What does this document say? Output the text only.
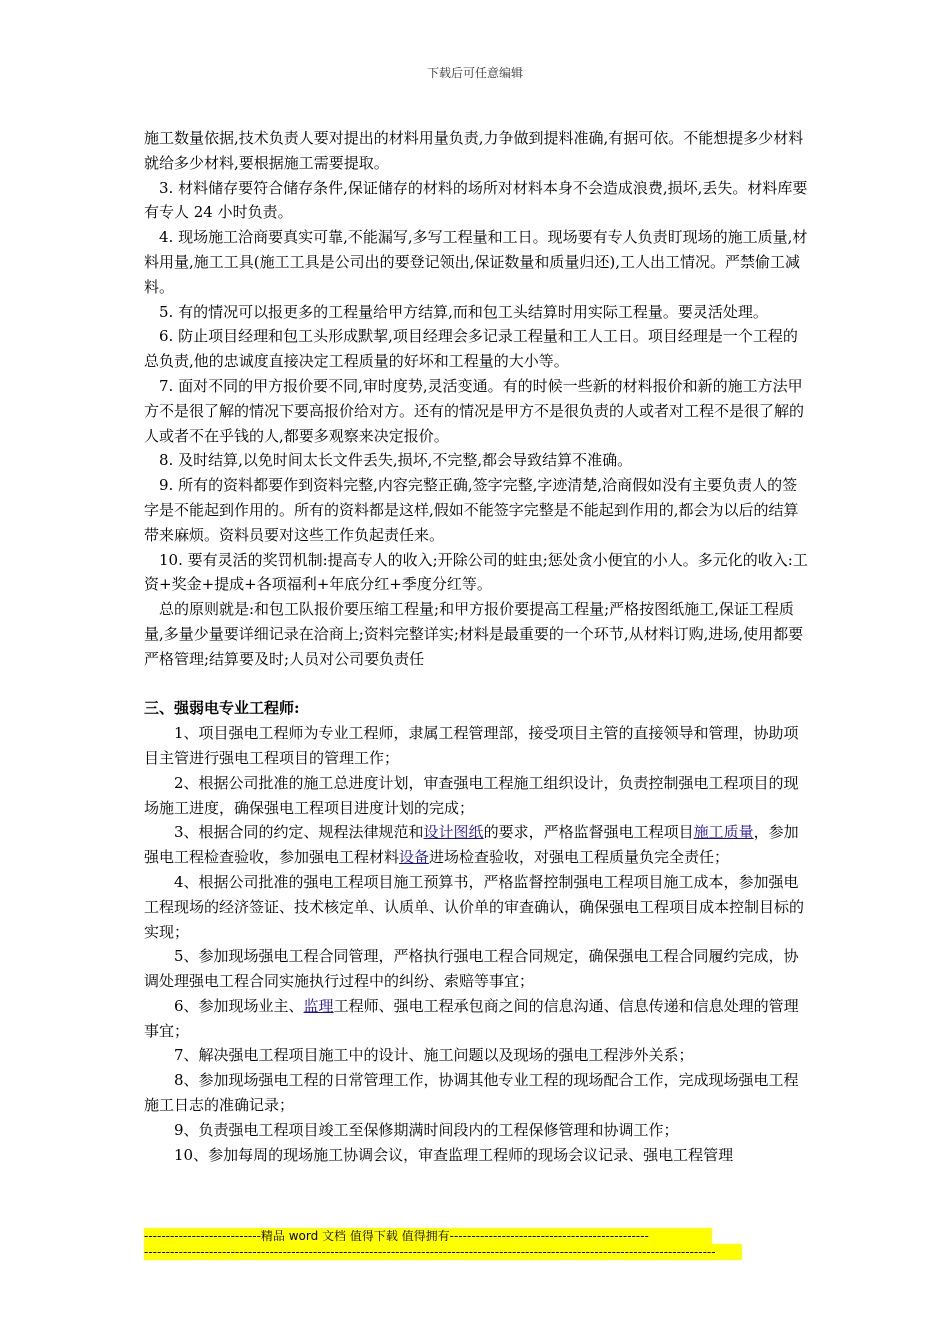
下载后可任意编辑

施工数量依据,技术负责人要对提出的材料用量负责,力争做到提料准确,有据可依。不能想提多少材料就给多少材料,要根据施工需要提取。

3. 材料储存要符合储存条件,保证储存的材料的场所对材料本身不会造成浪费,损坏,丢失。材料库要有专人 24 小时负责。

4. 现场施工洽商要真实可靠,不能漏写,多写工程量和工日。现场要有专人负责盯现场的施工质量,材料用量,施工工具(施工工具是公司出的要登记领出,保证数量和质量归还),工人出工情况。严禁偷工减料。

5. 有的情况可以报更多的工程量给甲方结算,而和包工头结算时用实际工程量。要灵活处理。

6. 防止项目经理和包工头形成默挈,项目经理会多记录工程量和工人工日。项目经理是一个工程的总负责,他的忠诚度直接决定工程质量的好坏和工程量的大小等。

7. 面对不同的甲方报价要不同,审时度势,灵活变通。有的时候一些新的材料报价和新的施工方法甲方不是很了解的情况下要高报价给对方。还有的情况是甲方不是很负责的人或者对工程不是很了解的人或者不在乎钱的人,都要多观察来决定报价。

8. 及时结算,以免时间太长文件丢失,损坏,不完整,都会导致结算不准确。

9. 所有的资料都要作到资料完整,内容完整正确,签字完整,字迹清楚,洽商假如没有主要负责人的签字是不能起到作用的。所有的资料都是这样,假如不能签字完整是不能起到作用的,都会为以后的结算带来麻烦。资料员要对这些工作负起责任来。

10. 要有灵活的奖罚机制:提高专人的收入;开除公司的蛀虫;惩处贪小便宜的小人。多元化的收入:工资+奖金+提成+各项福利+年底分红+季度分红等。

总的原则就是:和包工队报价要压缩工程量;和甲方报价要提高工程量;严格按图纸施工,保证工程质量,多量少量要详细记录在洽商上;资料完整详实;材料是最重要的一个环节,从材料订购,进场,使用都要严格管理;结算要及时;人员对公司要负责任

三、强弱电专业工程师:

1、项目强电工程师为专业工程师，隶属工程管理部，接受项目主管的直接领导和管理，协助项目主管进行强电工程项目的管理工作；

2、根据公司批准的施工总进度计划，审查强电工程施工组织设计，负责控制强电工程项目的现场施工进度，确保强电工程项目进度计划的完成；

3、根据合同的约定、规程法律规范和设计图纸的要求，严格监督强电工程项目施工质量，参加强电工程检查验收，参加强电工程材料设备进场检查验收，对强电工程质量负完全责任；

4、根据公司批准的强电工程项目施工预算书，严格监督控制强电工程项目施工成本，参加强电工程现场的经济签证、技术核定单、认质单、认价单的审查确认，确保强电工程项目成本控制目标的实现；

5、参加现场强电工程合同管理，严格执行强电工程合同规定，确保强电工程合同履约完成，协调处理强电工程合同实施执行过程中的纠纷、索赔等事宜；

6、参加现场业主、监理工程师、强电工程承包商之间的信息沟通、信息传递和信息处理的管理事宜；

7、解决强电工程项目施工中的设计、施工问题以及现场的强电工程涉外关系；

8、参加现场强电工程的日常管理工作，协调其他专业工程的现场配合工作，完成现场强电工程施工日志的准确记录；

9、负责强电工程项目竣工至保修期满时间段内的工程保修管理和协调工作；

10、参加每周的现场施工协调会议，审查监理工程师的现场会议记录、强电工程管理

---------------------------精品 word 文档 值得下载 值得拥有----------------------------------------------
------------------------------------------------------------------------------------------------------------------------------------
